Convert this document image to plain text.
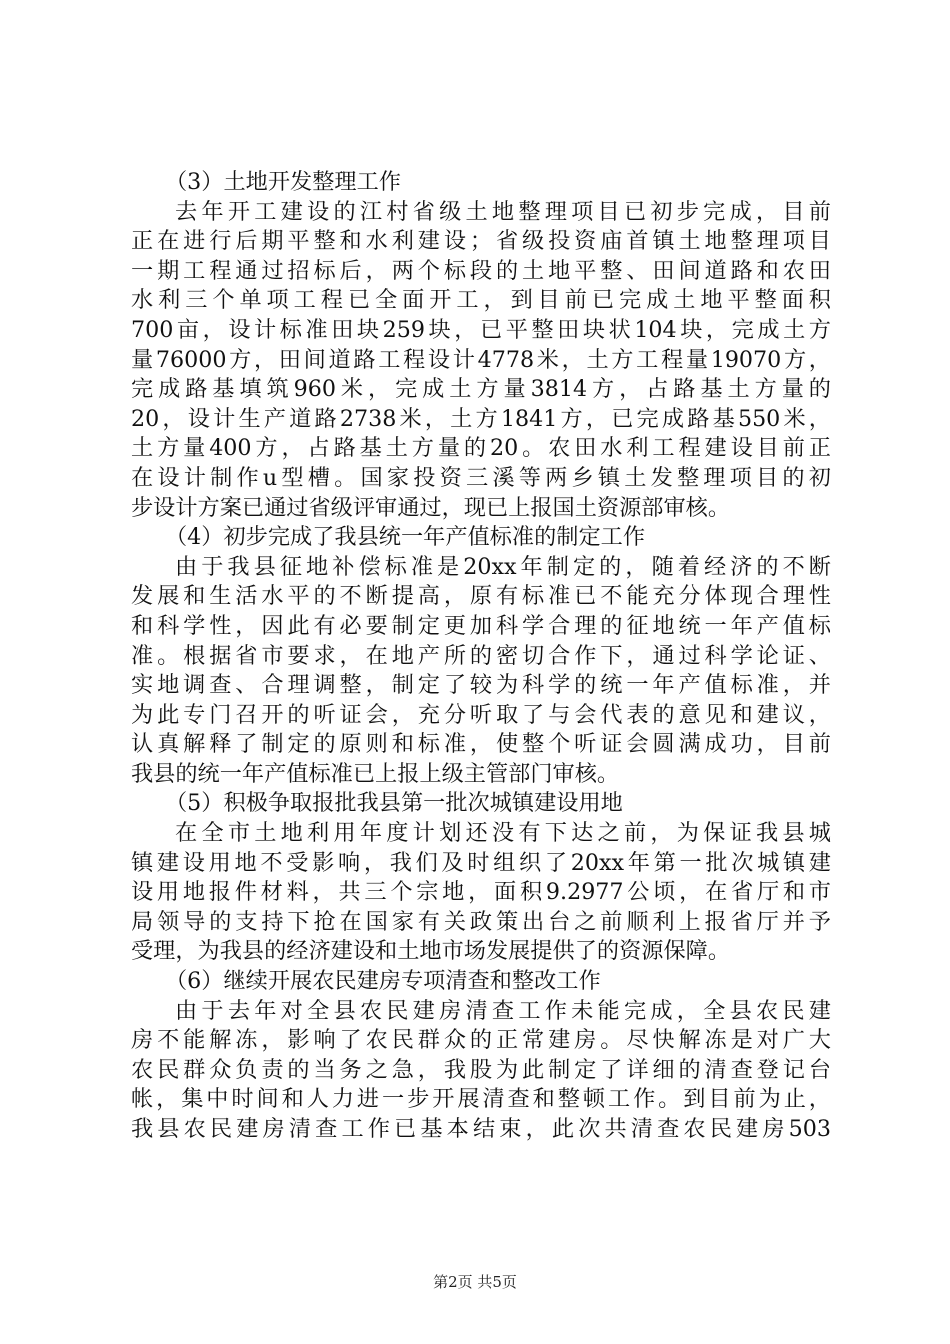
（3）土地开发整理工作
去年开工建设的江村省级土地整理项目已初步完成，目前
正在进行后期平整和水利建设；省级投资庙首镇土地整理项目
一期工程通过招标后，两个标段的土地平整、田间道路和农田
水利三个单项工程已全面开工，到目前已完成土地平整面积
700亩，设计标准田块259块，已平整田块状104块，完成土方
量76000方，田间道路工程设计4778米，土方工程量19070方，
完成路基填筑960米，完成土方量3814方，占路基土方量的
20，设计生产道路2738米，土方1841方，已完成路基550米，
土方量400方，占路基土方量的20。农田水利工程建设目前正
在设计制作u型槽。国家投资三溪等两乡镇土发整理项目的初
步设计方案已通过省级评审通过，现已上报国土资源部审核。
（4）初步完成了我县统一年产值标准的制定工作
由于我县征地补偿标准是20xx年制定的，随着经济的不断
发展和生活水平的不断提高，原有标准已不能充分体现合理性
和科学性，因此有必要制定更加科学合理的征地统一年产值标
准。根据省市要求，在地产所的密切合作下，通过科学论证、
实地调查、合理调整，制定了较为科学的统一年产值标准，并
为此专门召开的听证会，充分听取了与会代表的意见和建议，
认真解释了制定的原则和标准，使整个听证会圆满成功，目前
我县的统一年产值标准已上报上级主管部门审核。
（5）积极争取报批我县第一批次城镇建设用地
在全市土地利用年度计划还没有下达之前，为保证我县城
镇建设用地不受影响，我们及时组织了20xx年第一批次城镇建
设用地报件材料，共三个宗地，面积9.2977公顷，在省厅和市
局领导的支持下抢在国家有关政策出台之前顺利上报省厅并予
受理，为我县的经济建设和土地市场发展提供了的资源保障。
（6）继续开展农民建房专项清查和整改工作
由于去年对全县农民建房清查工作未能完成，全县农民建
房不能解冻，影响了农民群众的正常建房。尽快解冻是对广大
农民群众负责的当务之急，我股为此制定了详细的清查登记台
帐，集中时间和人力进一步开展清查和整顿工作。到目前为止，
我县农民建房清查工作已基本结束，此次共清查农民建房503
第2页 共5页
